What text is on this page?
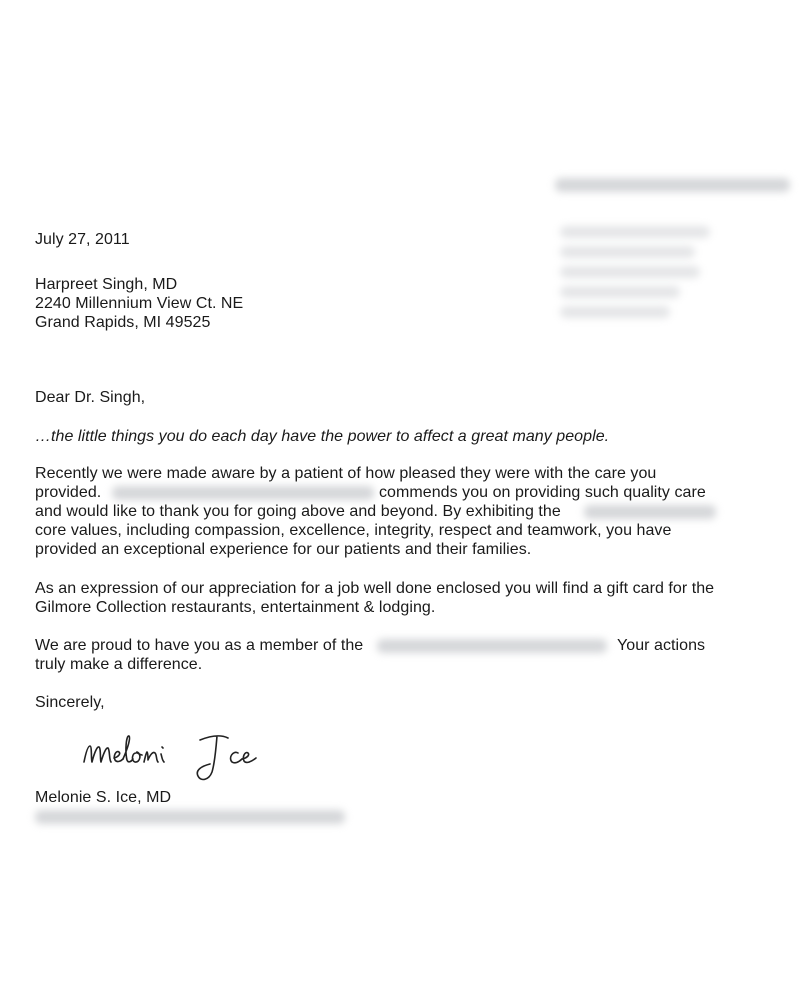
July 27, 2011
Harpreet Singh, MD
2240 Millennium View Ct. NE
Grand Rapids, MI 49525
Dear Dr. Singh,
…the little things you do each day have the power to affect a great many people.
Recently we were made aware by a patient of how pleased they were with the care you
provided.	commends you on providing such quality care
and would like to thank you for going above and beyond. By exhibiting the
core values, including compassion, excellence, integrity, respect and teamwork, you have
provided an exceptional experience for our patients and their families.
As an expression of our appreciation for a job well done enclosed you will find a gift card for the
Gilmore Collection restaurants, entertainment & lodging.
We are proud to have you as a member of the	Your actions
truly make a difference.
Sincerely,
Melonie S. Ice, MD
